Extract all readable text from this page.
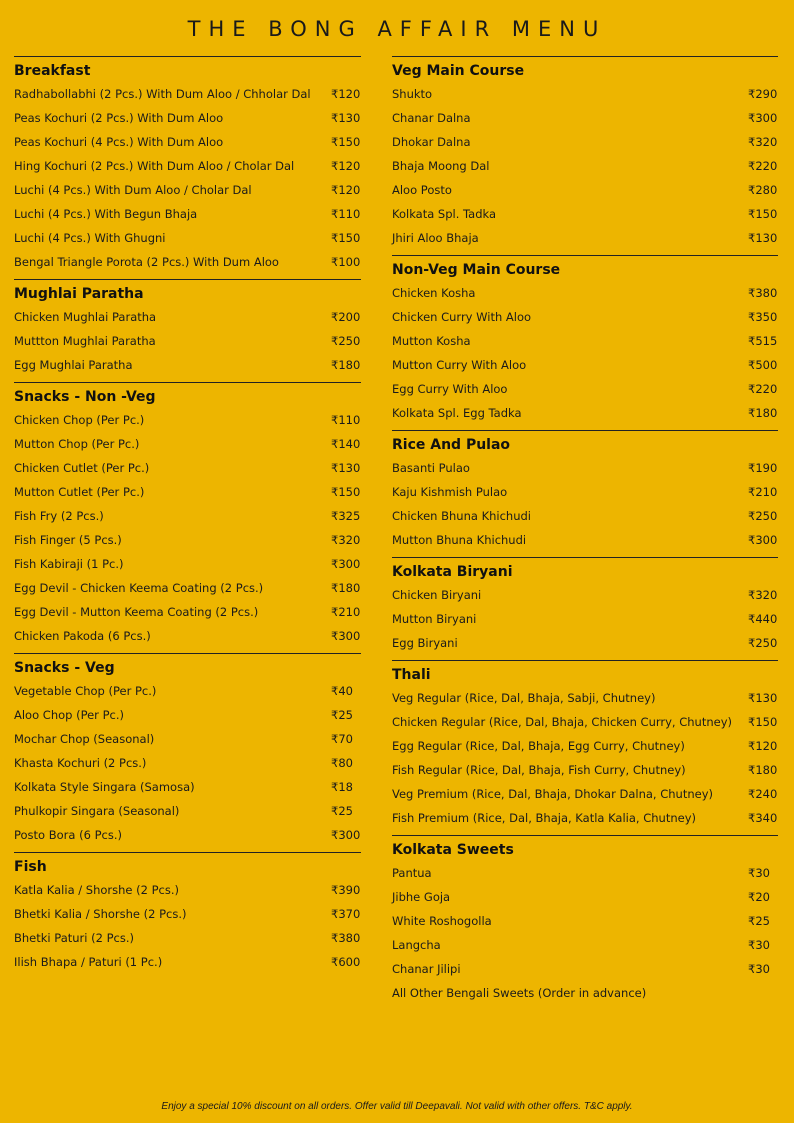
THE BONG AFFAIR MENU
Breakfast
Radhabollabhi (2 Pcs.) With Dum Aloo / Chholar Dal ₹120
Peas Kochuri (2 Pcs.) With Dum Aloo	₹130
Peas Kochuri (4 Pcs.) With Dum Aloo	₹150
Hing Kochuri (2 Pcs.) With Dum Aloo / Cholar Dal	₹120
Luchi (4 Pcs.) With Dum Aloo / Cholar Dal	₹120
Luchi (4 Pcs.) With Begun Bhaja	₹110
Luchi (4 Pcs.) With Ghugni	₹150
Bengal Triangle Porota (2 Pcs.) With Dum Aloo	₹100
Mughlai Paratha
Chicken Mughlai Paratha	₹200
Muttton Mughlai Paratha	₹250
Egg Mughlai Paratha	₹180
Snacks - Non -Veg
Chicken Chop (Per Pc.)	₹110
Mutton Chop (Per Pc.)	₹140
Chicken Cutlet (Per Pc.)	₹130
Mutton Cutlet (Per Pc.)	₹150
Fish Fry (2 Pcs.)	₹325
Fish Finger (5 Pcs.)	₹320
Fish Kabiraji (1 Pc.)	₹300
Egg Devil - Chicken Keema Coating (2 Pcs.)	₹180
Egg Devil - Mutton Keema Coating (2 Pcs.)	₹210
Chicken Pakoda (6 Pcs.)	₹300
Snacks - Veg
Vegetable Chop (Per Pc.)	₹40
Aloo Chop (Per Pc.)	₹25
Mochar Chop (Seasonal)	₹70
Khasta Kochuri (2 Pcs.)	₹80
Kolkata Style Singara (Samosa)	₹18
Phulkopir Singara (Seasonal)	₹25
Posto Bora (6 Pcs.)	₹300
Fish
Katla Kalia / Shorshe (2 Pcs.)	₹390
Bhetki Kalia / Shorshe (2 Pcs.)	₹370
Bhetki Paturi (2 Pcs.)	₹380
Ilish Bhapa / Paturi (1 Pc.)	₹600
Veg Main Course
Shukto	₹290
Chanar Dalna	₹300
Dhokar Dalna	₹320
Bhaja Moong Dal	₹220
Aloo Posto	₹280
Kolkata Spl. Tadka	₹150
Jhiri Aloo Bhaja	₹130
Non-Veg Main Course
Chicken Kosha	₹380
Chicken Curry With Aloo	₹350
Mutton Kosha	₹515
Mutton Curry With Aloo	₹500
Egg Curry With Aloo	₹220
Kolkata Spl. Egg Tadka	₹180
Rice And Pulao
Basanti Pulao	₹190
Kaju Kishmish Pulao	₹210
Chicken Bhuna Khichudi	₹250
Mutton Bhuna Khichudi	₹300
Kolkata Biryani
Chicken Biryani	₹320
Mutton Biryani	₹440
Egg Biryani	₹250
Thali
Veg Regular (Rice, Dal, Bhaja, Sabji, Chutney)	₹130
Chicken Regular (Rice, Dal, Bhaja, Chicken Curry, Chutney) ₹150
Egg Regular (Rice, Dal, Bhaja, Egg Curry, Chutney)	₹120
Fish Regular (Rice, Dal, Bhaja, Fish Curry, Chutney)	₹180
Veg Premium (Rice, Dal, Bhaja, Dhokar Dalna, Chutney)	₹240
Fish Premium (Rice, Dal, Bhaja, Katla Kalia, Chutney)	₹340
Kolkata Sweets
Pantua	₹30
Jibhe Goja	₹20
White Roshogolla	₹25
Langcha	₹30
Chanar Jilipi	₹30
All Other Bengali Sweets (Order in advance)
Enjoy a special 10% discount on all orders. Offer valid till Deepavali. Not valid with other offers. T&C apply.
